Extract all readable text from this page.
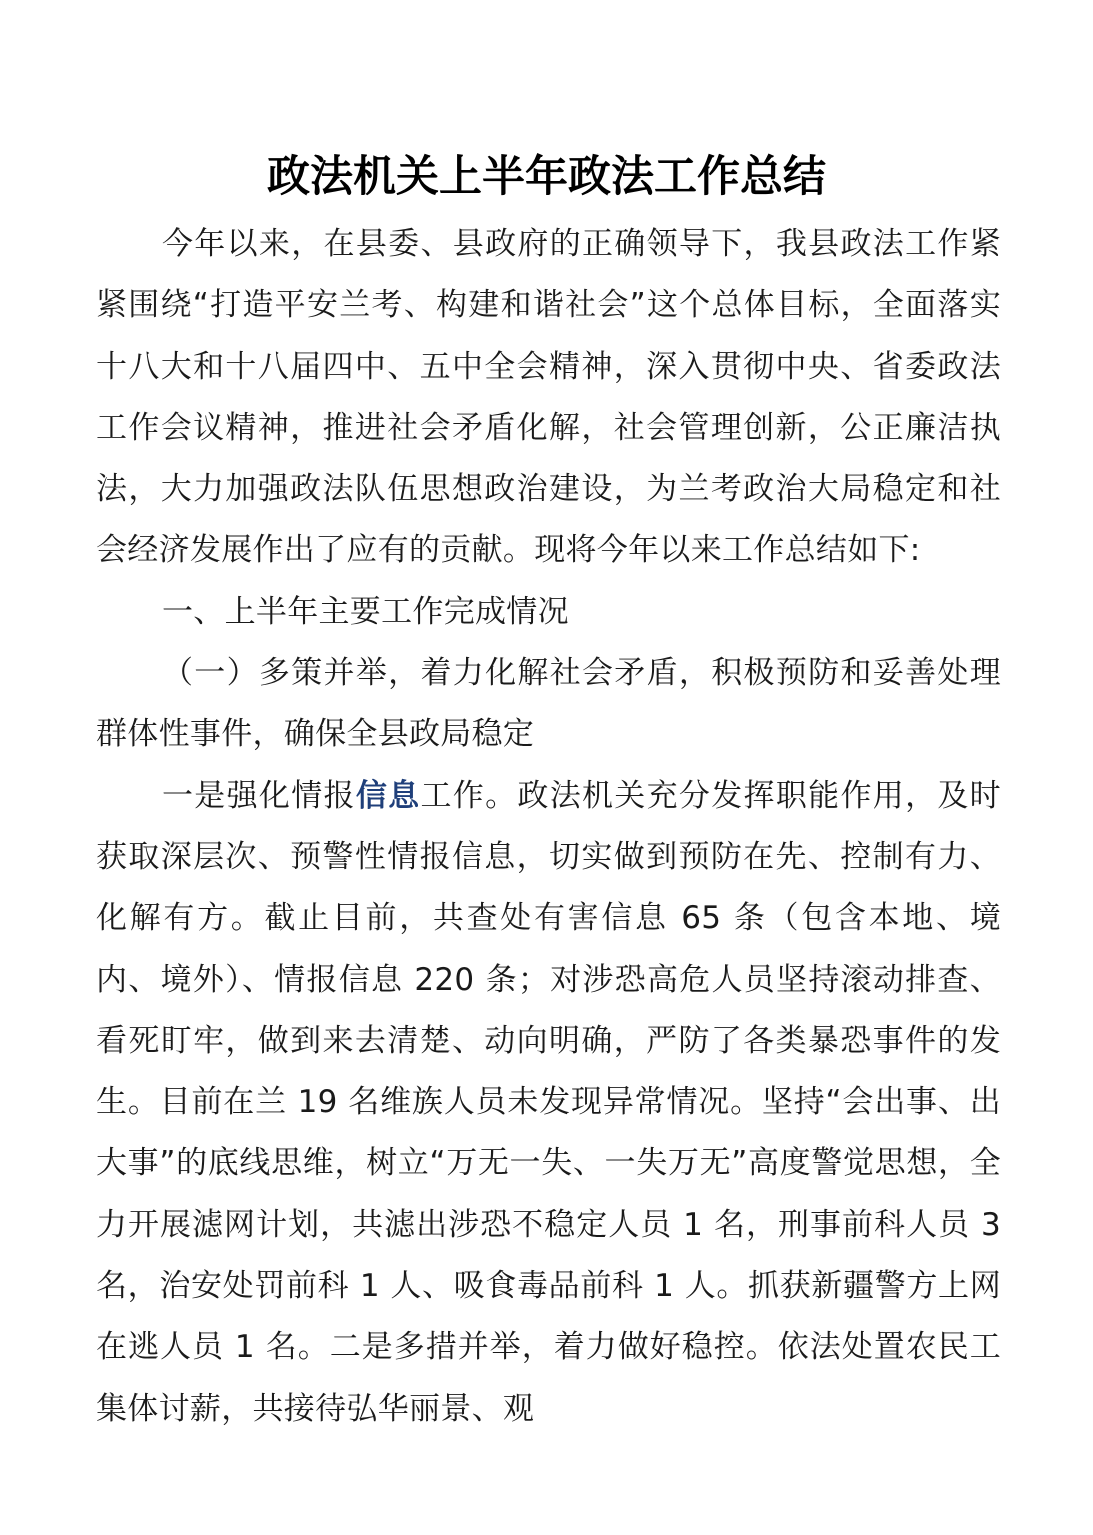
政法机关上半年政法工作总结

今年以来，在县委、县政府的正确领导下，我县政法工作紧紧围绕“打造平安兰考、构建和谐社会”这个总体目标，全面落实十八大和十八届四中、五中全会精神，深入贯彻中央、省委政法工作会议精神，推进社会矛盾化解，社会管理创新，公正廉洁执法，大力加强政法队伍思想政治建设，为兰考政治大局稳定和社会经济发展作出了应有的贡献。现将今年以来工作总结如下:

一、上半年主要工作完成情况

（一）多策并举，着力化解社会矛盾，积极预防和妥善处理群体性事件，确保全县政局稳定

一是强化情报信息工作。政法机关充分发挥职能作用，及时获取深层次、预警性情报信息，切实做到预防在先、控制有力、化解有方。截止目前，共查处有害信息 65 条（包含本地、境内、境外）、情报信息 220 条；对涉恐高危人员坚持滚动排查、看死盯牢，做到来去清楚、动向明确，严防了各类暴恐事件的发生。目前在兰 19 名维族人员未发现异常情况。坚持“会出事、出大事”的底线思维，树立“万无一失、一失万无”高度警觉思想，全力开展滤网计划，共滤出涉恐不稳定人员 1 名，刑事前科人员 3 名，治安处罚前科 1 人、吸食毒品前科 1 人。抓获新疆警方上网在逃人员 1 名。二是多措并举，着力做好稳控。依法处置农民工集体讨薪，共接待弘华丽景、观
